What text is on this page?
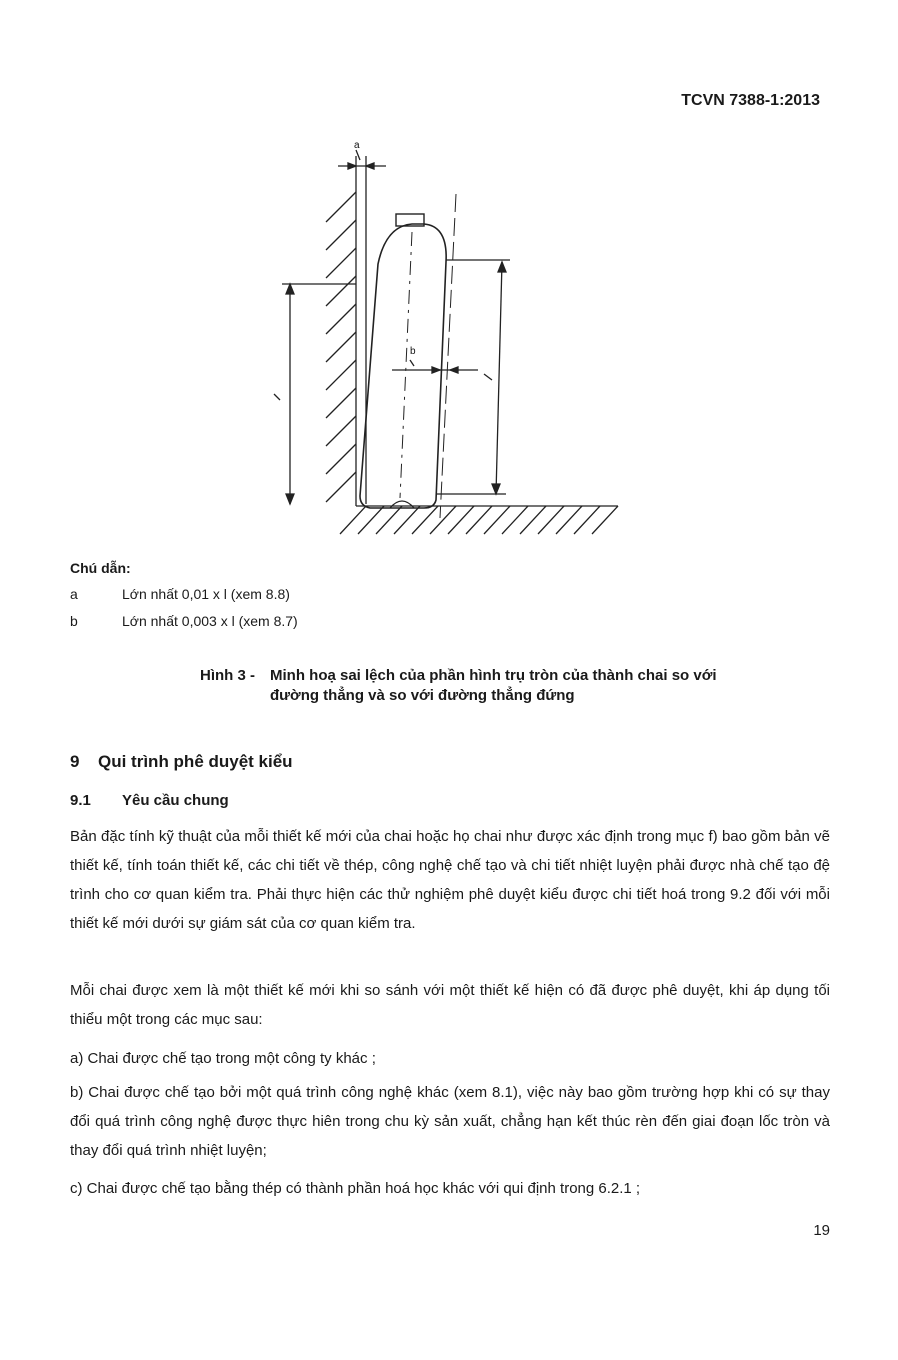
TCVN 7388-1:2013
a
b
Chú dẫn:
a	Lớn nhất 0,01 x l (xem 8.8)
b	Lớn nhất 0,003 x l (xem 8.7)
Hình 3 - Minh hoạ sai lệch của phần hình trụ tròn của thành chai so với
đường thẳng và so với đường thẳng đứng
9 Qui trình phê duyệt kiểu
9.1 Yêu cầu chung
Bản đặc tính kỹ thuật của mỗi thiết kế mới của chai hoặc họ chai như được xác định trong mục f) bao gồm bản vẽ thiết kế, tính toán thiết kế, các chi tiết về thép, công nghệ chế tạo và chi tiết nhiệt luyện phải được nhà chế tạo đệ trình cho cơ quan kiểm tra. Phải thực hiện các thử nghiệm phê duyệt kiểu được chi tiết hoá trong 9.2 đối với mỗi thiết kế mới dưới sự giám sát của cơ quan kiểm tra.
Mỗi chai được xem là một thiết kế mới khi so sánh với một thiết kế hiện có đã được phê duyệt, khi áp dụng tối thiểu một trong các mục sau:
a) Chai được chế tạo trong một công ty khác ;
b) Chai được chế tạo bởi một quá trình công nghệ khác (xem 8.1), việc này bao gồm trường hợp khi có sự thay đổi quá trình công nghệ được thực hiên trong chu kỳ sản xuất, chẳng hạn kết thúc rèn đến giai đoạn lốc tròn và thay đổi quá trình nhiệt luyện;
c) Chai được chế tạo bằng thép có thành phần hoá học khác với qui định trong 6.2.1 ;
19
